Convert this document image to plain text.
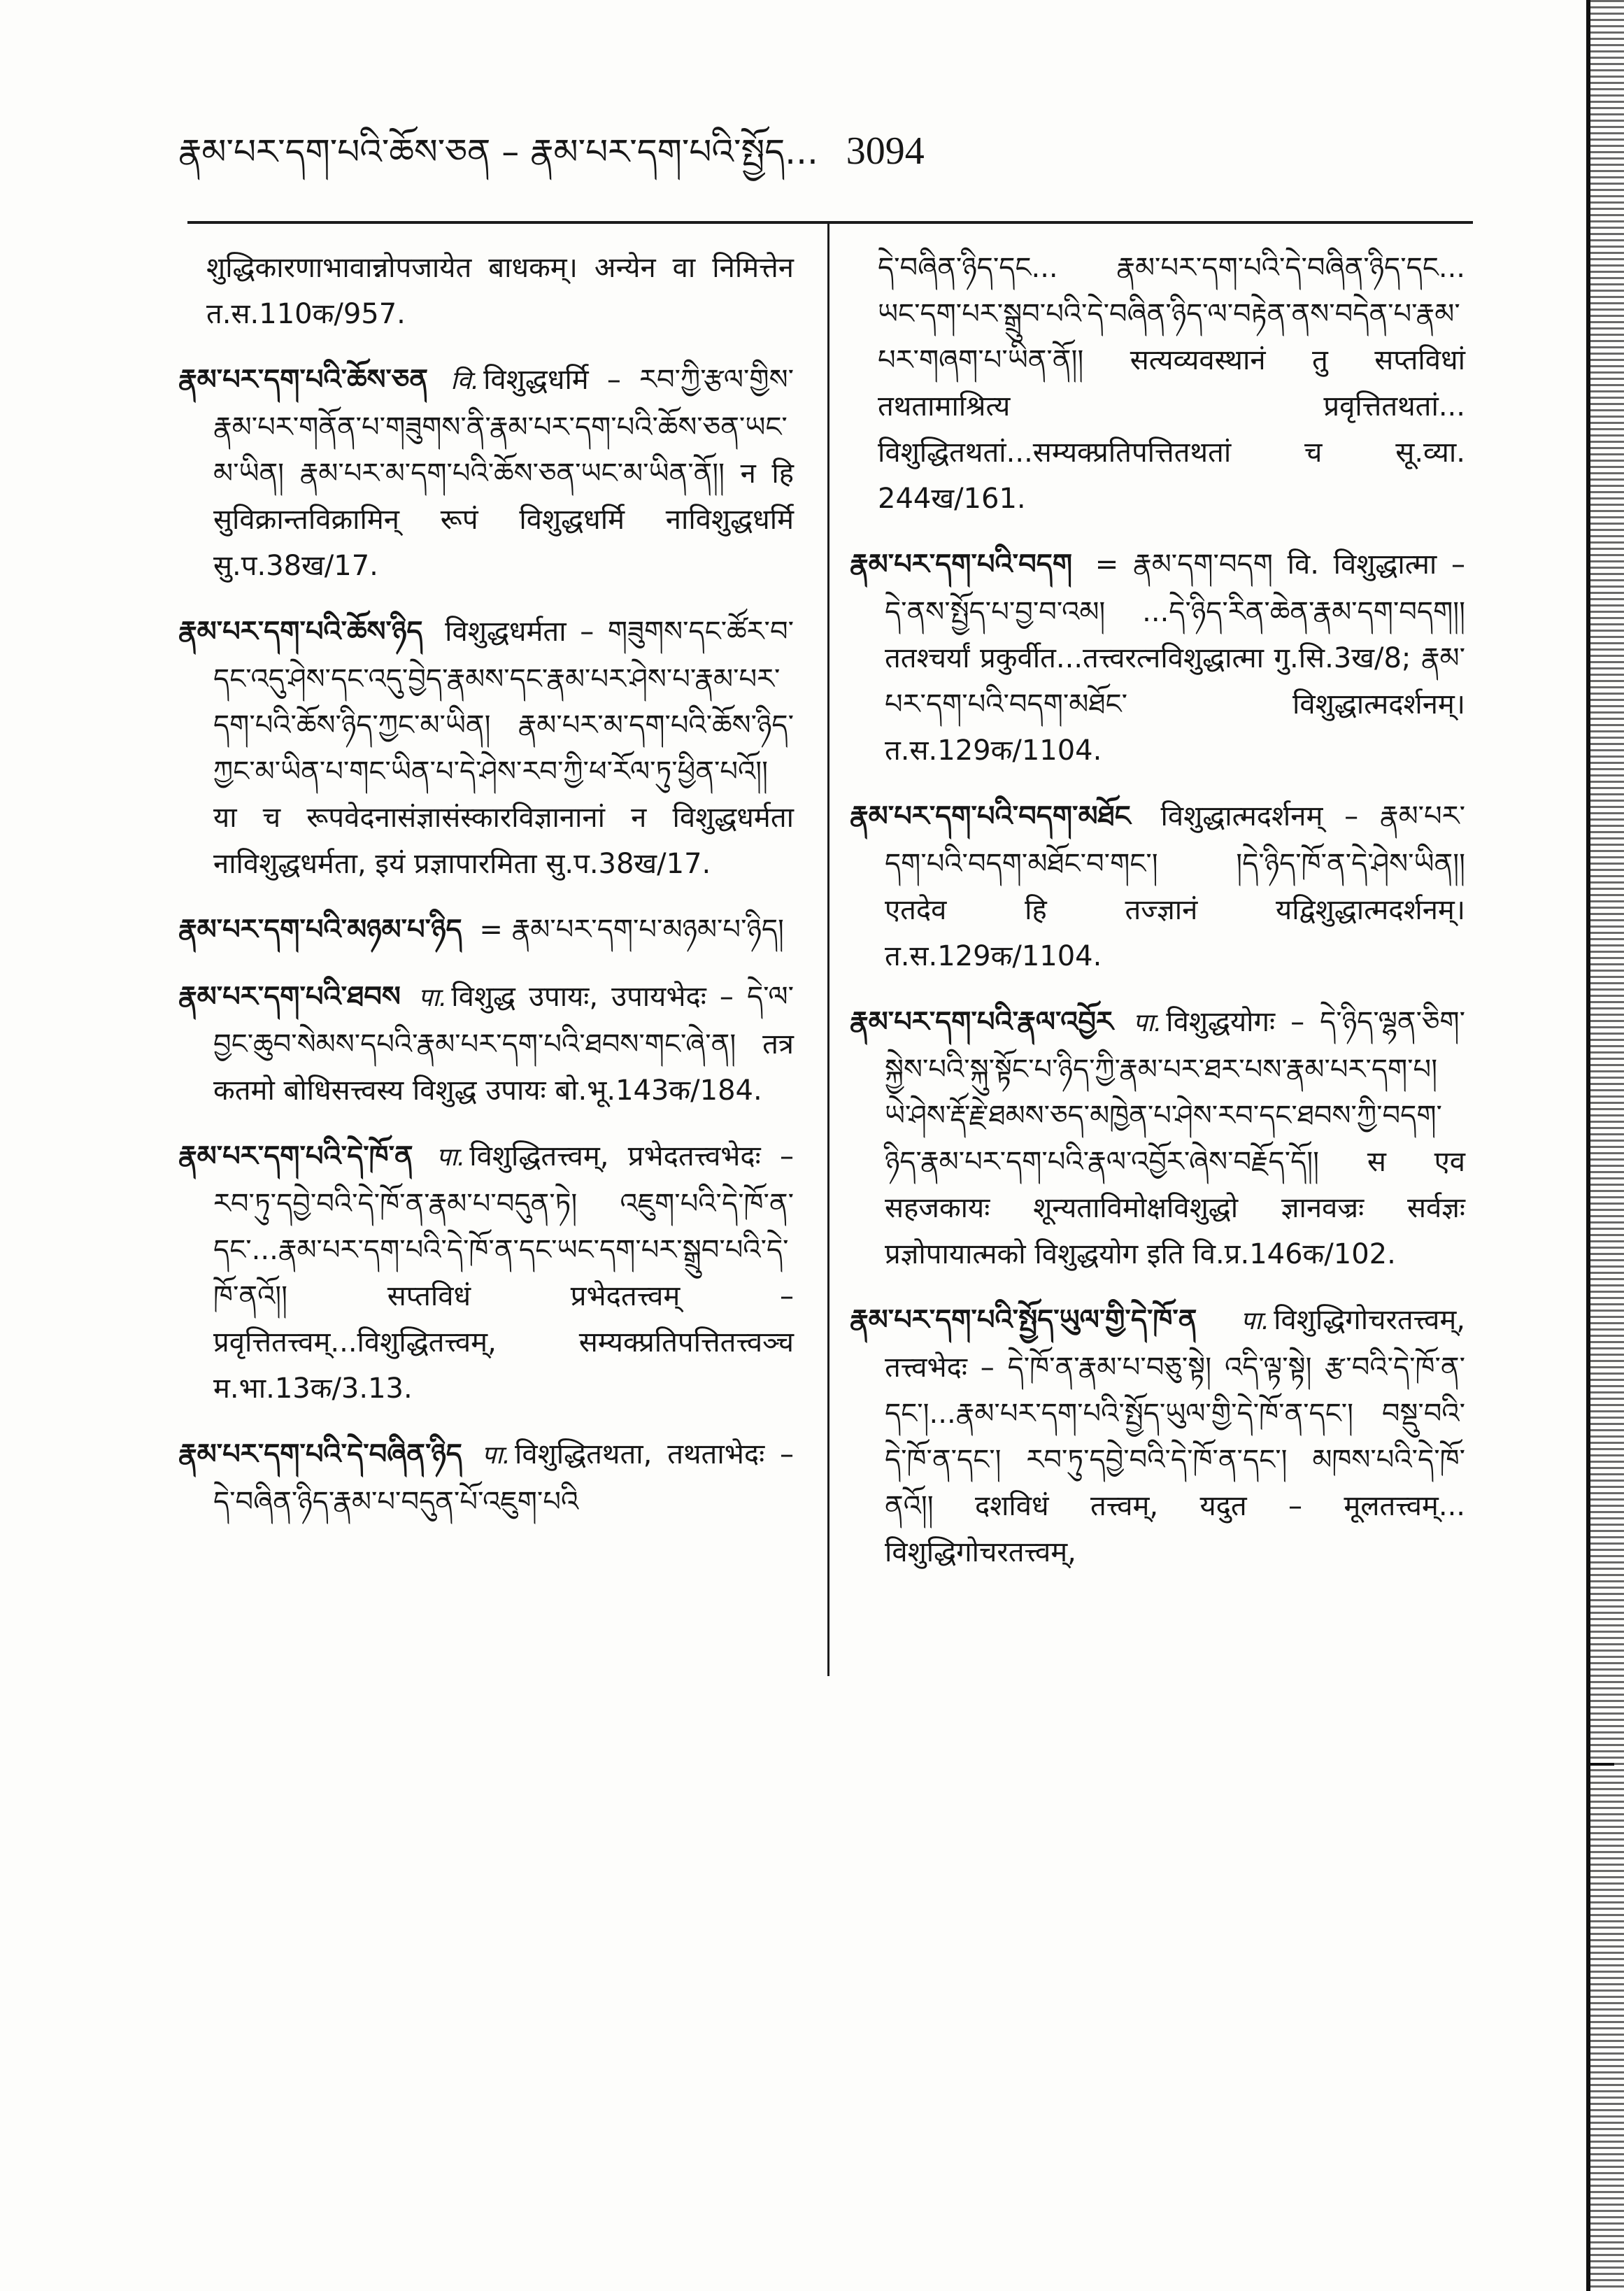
རྣམ་པར་དག་པའི་ཆོས་ཅན – རྣམ་པར་དག་པའི་སྤྱོད... 3094
शुद्धिकारणाभावान्नोपजायेत बाधकम्। अन्येन वा निमित्तेन त.स.110क/957.
རྣམ་པར་དག་པའི་ཆོས་ཅན वि. विशुद्धधर्मि – རབ་ཀྱི་རྩལ་གྱིས་རྣམ་པར་གནོན་པ་གཟུགས་ནི་རྣམ་པར་དག་པའི་ཆོས་ཅན་ཡང་མ་ཡིན། རྣམ་པར་མ་དག་པའི་ཆོས་ཅན་ཡང་མ་ཡིན་ནོ།། न हि सुविक्रान्तविक्रामिन् रूपं विशुद्धधर्मि नाविशुद्धधर्मि सु.प.38ख/17.
རྣམ་པར་དག་པའི་ཆོས་ཉིད विशुद्धधर्मता – གཟུགས་དང་ཚོར་བ་དང་འདུ་ཤེས་དང་འདུ་བྱེད་རྣམས་དང་རྣམ་པར་ཤེས་པ་རྣམ་པར་དག་པའི་ཆོས་ཉིད་ཀྱང་མ་ཡིན། རྣམ་པར་མ་དག་པའི་ཆོས་ཉིད་ཀྱང་མ་ཡིན་པ་གང་ཡིན་པ་དེ་ཤེས་རབ་ཀྱི་ཕ་རོལ་ཏུ་ཕྱིན་པའོ།། या च रूपवेदनासंज्ञासंस्कारविज्ञानानां न विशुद्धधर्मता नाविशुद्धधर्मता, इयं प्रज्ञापारमिता सु.प.38ख/17.
རྣམ་པར་དག་པའི་མཉམ་པ་ཉིད = རྣམ་པར་དག་པ་མཉམ་པ་ཉིད།
རྣམ་པར་དག་པའི་ཐབས पा. विशुद्ध उपायः, उपायभेदः – དེ་ལ་བྱང་ཆུབ་སེམས་དཔའི་རྣམ་པར་དག་པའི་ཐབས་གང་ཞེ་ན། तत्र कतमो बोधिसत्त्वस्य विशुद्ध उपायः बो.भू.143क/184.
རྣམ་པར་དག་པའི་དེ་ཁོ་ན पा. विशुद्धितत्त्वम्, प्रभेदतत्त्वभेदः – རབ་ཏུ་དབྱེ་བའི་དེ་ཁོ་ན་རྣམ་པ་བདུན་ཏེ། འཇུག་པའི་དེ་ཁོ་ན་དང་...རྣམ་པར་དག་པའི་དེ་ཁོ་ན་དང་ཡང་དག་པར་སྒྲུབ་པའི་དེ་ཁོ་ནའོ།། सप्तविधं प्रभेदतत्त्वम् – प्रवृत्तितत्त्वम्...विशुद्धितत्त्वम्, सम्यक्प्रतिपत्तितत्त्वञ्च म.भा.13क/3.13.
རྣམ་པར་དག་པའི་དེ་བཞིན་ཉིད पा. विशुद्धितथता, तथताभेदः – དེ་བཞིན་ཉིད་རྣམ་པ་བདུན་པོ་འཇུག་པའི
དེ་བཞིན་ཉིད་དང... རྣམ་པར་དག་པའི་དེ་བཞིན་ཉིད་དང... ཡང་དག་པར་སྒྲུབ་པའི་དེ་བཞིན་ཉིད་ལ་བརྟེན་ནས་བདེན་པ་རྣམ་པར་གཞག་པ་ཡིན་ནོ།། सत्यव्यवस्थानं तु सप्तविधां तथतामाश्रित्य प्रवृत्तितथतां... विशुद्धितथतां...सम्यक्प्रतिपत्तितथतां च सू.व्या. 244ख/161.
རྣམ་པར་དག་པའི་བདག = རྣམ་དག་བདག वि. विशुद्धात्मा – དེ་ནས་སྤྱོད་པ་བྱ་བ་འམ། ...དེ་ཉིད་རིན་ཆེན་རྣམ་དག་བདག།། ततश्चर्यां प्रकुर्वीत...तत्त्वरत्नविशुद्धात्मा गु.सि.3ख/8; རྣམ་པར་དག་པའི་བདག་མཐོང་ विशुद्धात्मदर्शनम्। त.स.129क/1104.
རྣམ་པར་དག་པའི་བདག་མཐོང विशुद्धात्मदर्शनम् – རྣམ་པར་དག་པའི་བདག་མཐོང་བ་གང་། །དེ་ཉིད་ཁོ་ན་དེ་ཤེས་ཡིན།། एतदेव हि तज्ज्ञानं यद्विशुद्धात्मदर्शनम्। त.स.129क/1104.
རྣམ་པར་དག་པའི་རྣལ་འབྱོར पा. विशुद्धयोगः – དེ་ཉིད་ལྷན་ཅིག་སྐྱེས་པའི་སྐུ་སྟོང་པ་ཉིད་ཀྱི་རྣམ་པར་ཐར་པས་རྣམ་པར་དག་པ། ཡེ་ཤེས་རྡོ་རྗེ་ཐམས་ཅད་མཁྱེན་པ་ཤེས་རབ་དང་ཐབས་ཀྱི་བདག་ཉིད་རྣམ་པར་དག་པའི་རྣལ་འབྱོར་ཞེས་བརྗོད་དོ།། स एव सहजकायः शून्यताविमोक्षविशुद्धो ज्ञानवज्रः सर्वज्ञः प्रज्ञोपायात्मको विशुद्धयोग इति वि.प्र.146क/102.
རྣམ་པར་དག་པའི་སྤྱོད་ཡུལ་གྱི་དེ་ཁོ་ན पा. विशुद्धिगोचरतत्त्वम्, तत्त्वभेदः – དེ་ཁོ་ན་རྣམ་པ་བཅུ་སྟེ། འདི་ལྟ་སྟེ། རྩ་བའི་དེ་ཁོ་ན་དང་།...རྣམ་པར་དག་པའི་སྤྱོད་ཡུལ་གྱི་དེ་ཁོ་ན་དང་། བསྡུ་བའི་དེ་ཁོ་ན་དང་། རབ་ཏུ་དབྱེ་བའི་དེ་ཁོ་ན་དང་། མཁས་པའི་དེ་ཁོ་ནའོ།། दशविधं तत्त्वम्, यदुत – मूलतत्त्वम्... विशुद्धिगोचरतत्त्वम्,
